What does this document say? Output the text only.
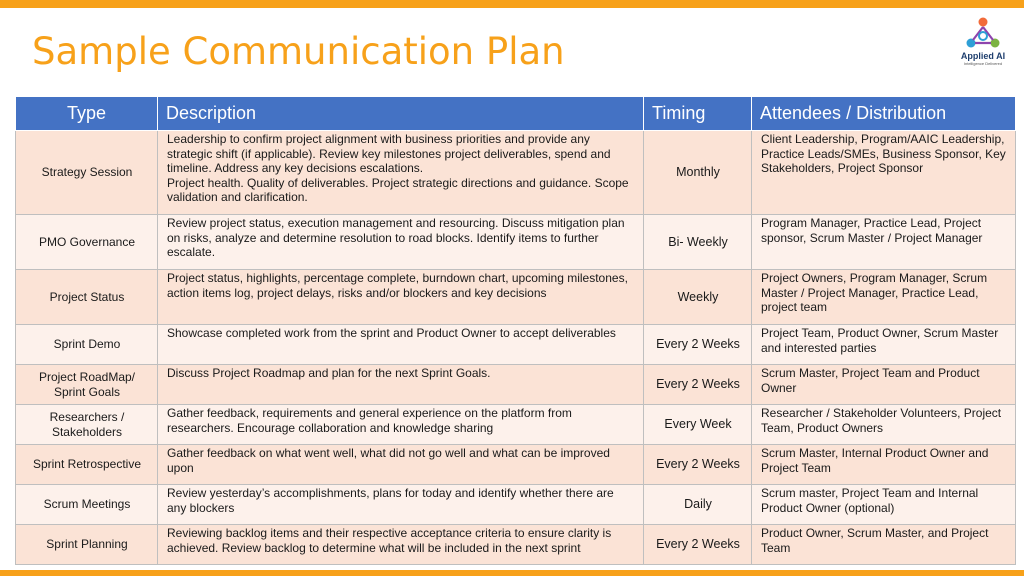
Sample Communication Plan	Applied AI
Intelligence Delivered
Type	Description	Timing	Attendees / Distribution
Strategy Session	Leadership to confirm project alignment with business priorities and provide any strategic shift (if applicable). Review key milestones project deliverables, spend and timeline. Address any key decisions escalations.
Project health. Quality of deliverables. Project strategic directions and guidance. Scope validation and clarification.	Monthly	Client Leadership, Program/AAIC Leadership, Practice Leads/SMEs, Business Sponsor, Key Stakeholders, Project Sponsor
PMO Governance	Review project status, execution management and resourcing. Discuss mitigation plan on risks, analyze and determine resolution to road blocks. Identify items to further escalate.	Bi- Weekly	Program Manager, Practice Lead, Project sponsor, Scrum Master / Project Manager
Project Status	Project status, highlights, percentage complete, burndown chart, upcoming milestones, action items log, project delays, risks and/or blockers and key decisions	Weekly	Project Owners, Program Manager, Scrum Master / Project Manager, Practice Lead, project team
Sprint Demo	Showcase completed work from the sprint and Product Owner to accept deliverables	Every 2 Weeks	Project Team, Product Owner, Scrum Master and interested parties
Project RoadMap/ Sprint Goals	Discuss Project Roadmap and plan for the next Sprint Goals.	Every 2 Weeks	Scrum Master, Project Team and Product Owner
Researchers / Stakeholders	Gather feedback, requirements and general experience on the platform from researchers. Encourage collaboration and knowledge sharing	Every Week	Researcher / Stakeholder Volunteers, Project Team, Product Owners
Sprint Retrospective	Gather feedback on what went well, what did not go well and what can be improved upon	Every 2 Weeks	Scrum Master, Internal Product Owner and Project Team
Scrum Meetings	Review yesterday’s accomplishments, plans for today and identify whether there are any blockers	Daily	Scrum master, Project Team and Internal Product Owner (optional)
Sprint Planning	Reviewing backlog items and their respective acceptance criteria to ensure clarity is achieved. Review backlog to determine what will be included in the next sprint	Every 2 Weeks	Product Owner, Scrum Master, and Project Team
